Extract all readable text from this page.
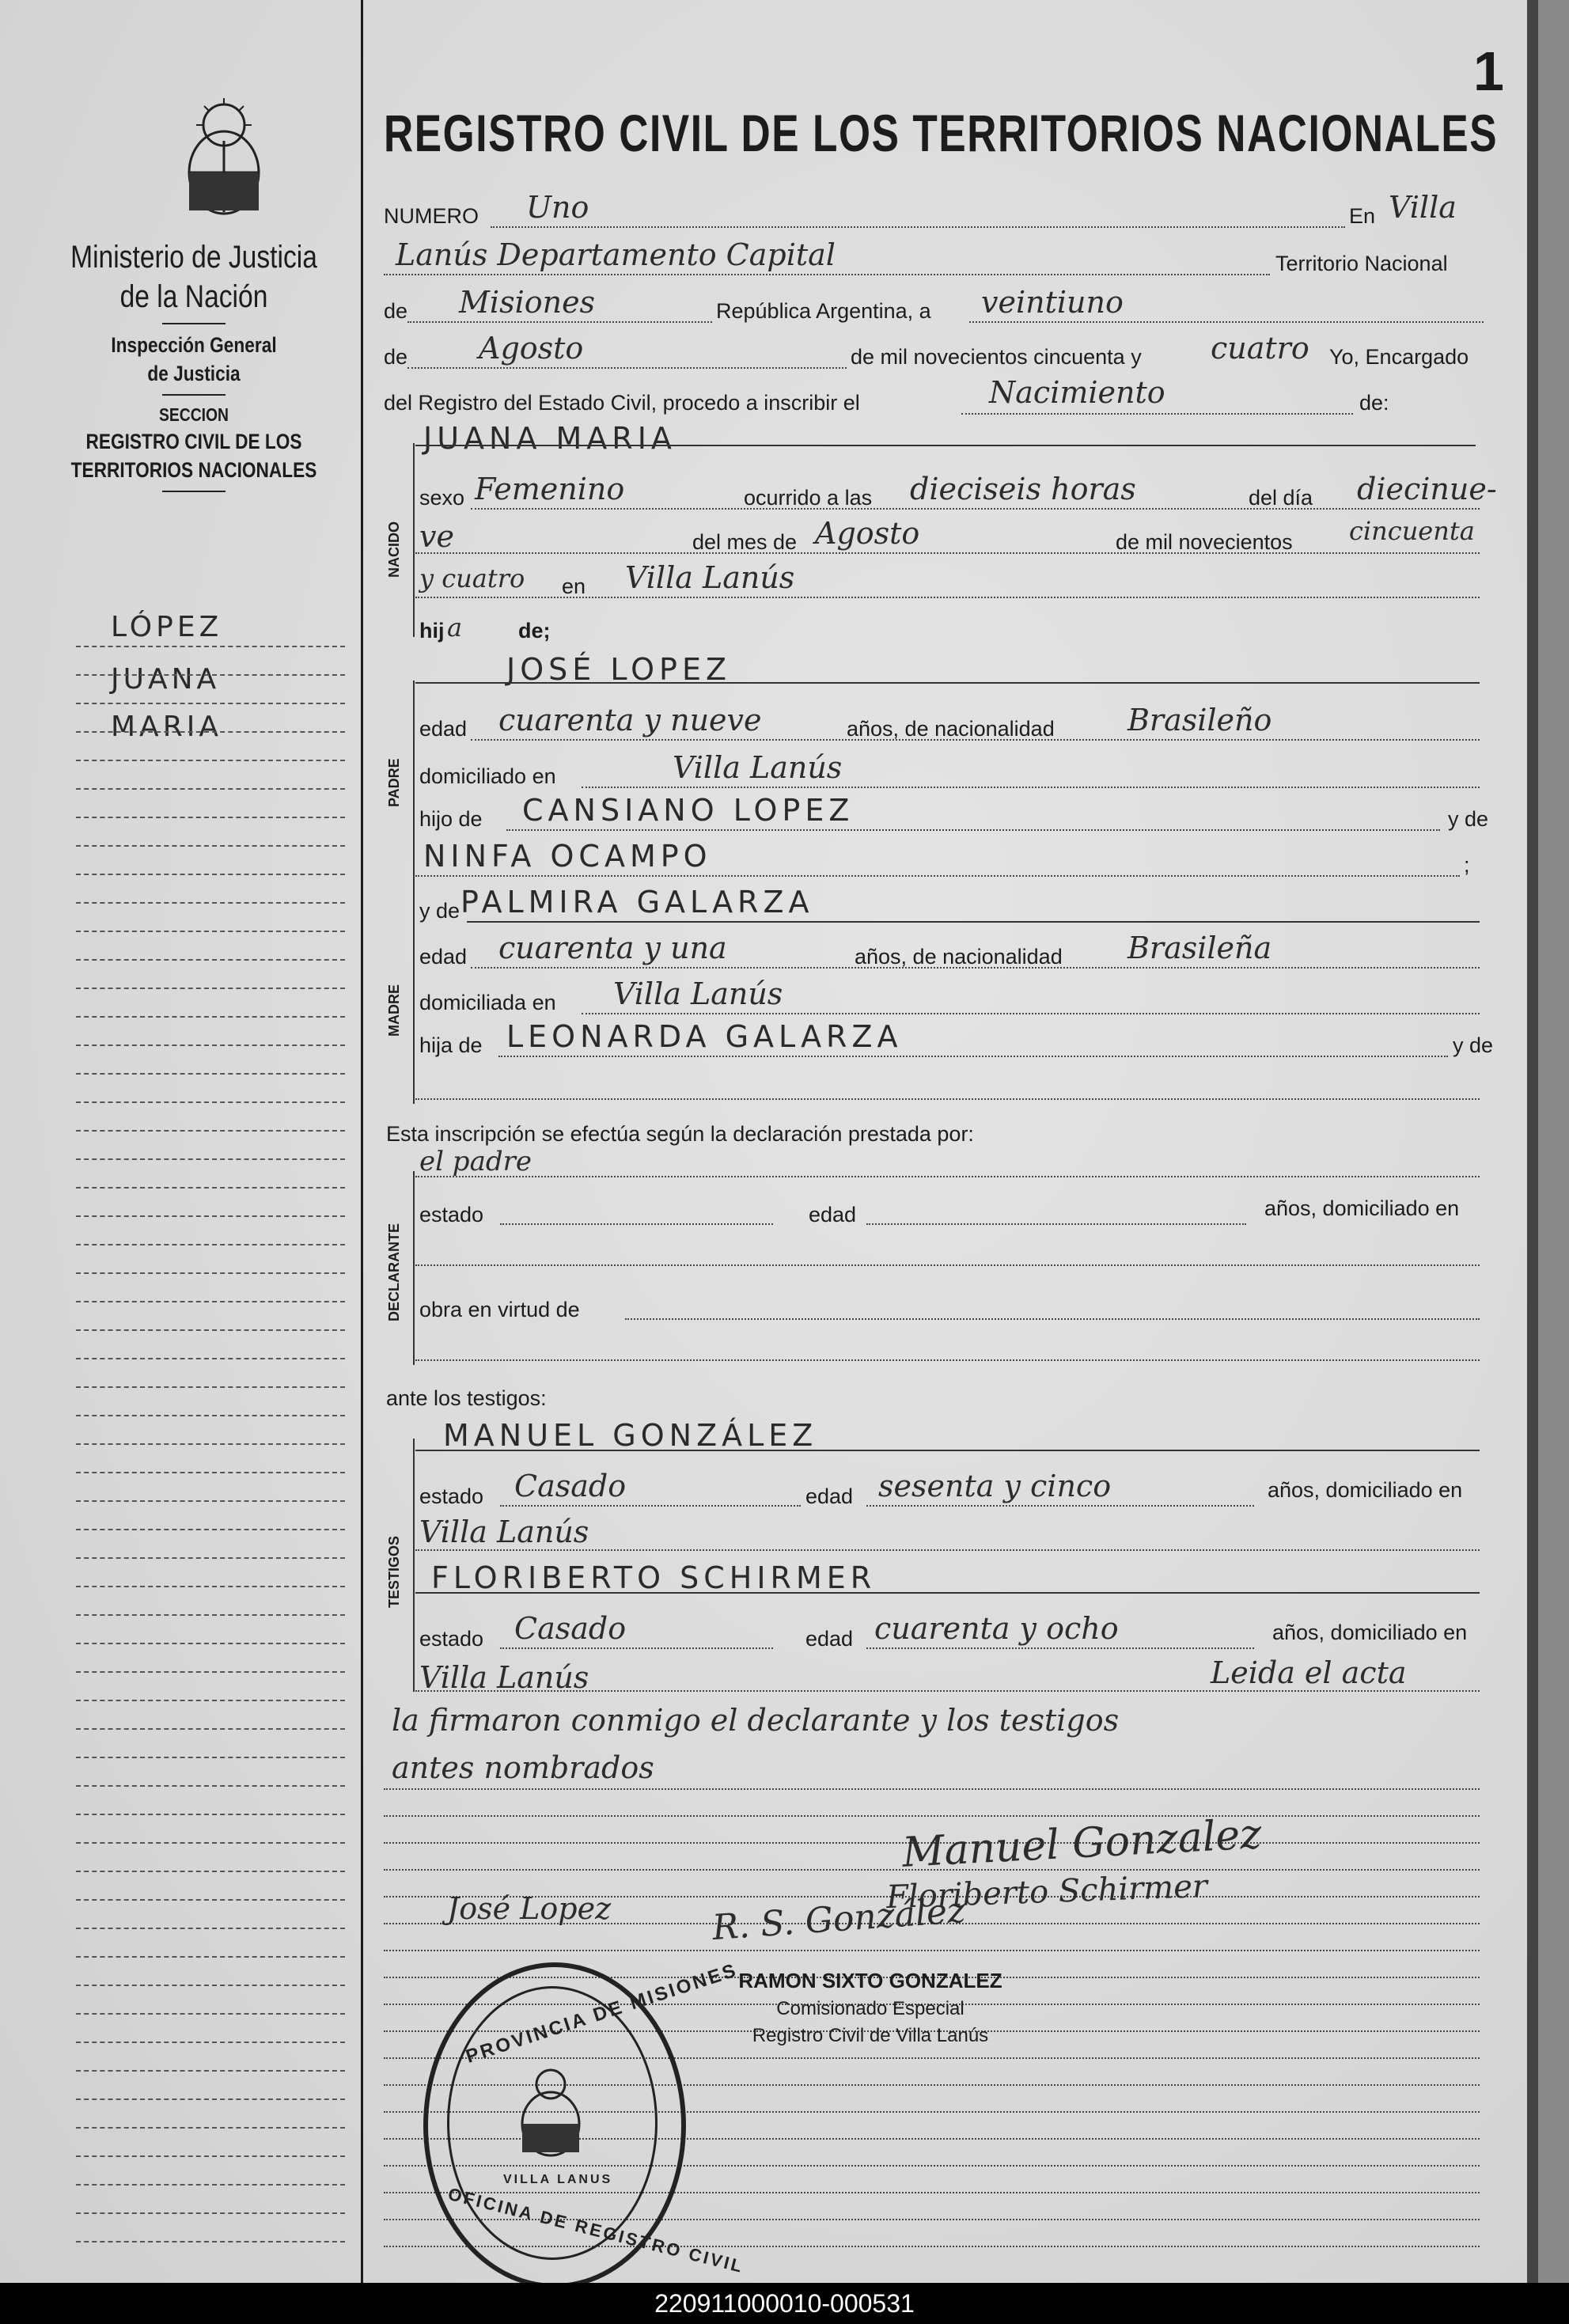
Ministerio de Justicia
de la Nación
Inspección General
de Justicia
SECCION
REGISTRO CIVIL DE LOS
TERRITORIOS NACIONALES
LÓPEZ
JUANA
MARIA
1
REGISTRO CIVIL DE LOS TERRITORIOS NACIONALES
NUMERO Uno	En Villa
Lanús Departamento Capital	Territorio Nacional
de Misiones	República Argentina, a veintiuno
de Agosto	de mil novecientos cincuenta y cuatro Yo, Encargado
del Registro del Estado Civil, procedo a inscribir el	Nacimiento	de:
NACIDO
JUANA MARIA
sexo Femenino	ocurrido a las dieciseis horas	del día diecinue-
ve	del mes de Agosto	de mil novecientos cincuenta
y cuatro en Villa Lanús
hij a	de;
PADRE
JOSÉ LOPEZ
edad cuarenta y nueve	años, de nacionalidad Brasileño
domiciliado en	Villa Lanús
hijo de CANSIANO LOPEZ	y de
NINFA OCAMPO	;
MADRE
y de PALMIRA GALARZA
edad cuarenta y una	años, de nacionalidad Brasileña
domiciliada en Villa Lanús
hija de LEONARDA GALARZA	y de
Esta inscripción se efectúa según la declaración prestada por:
DECLARANTE
el padre
estado	edad	años, domiciliado en
obra en virtud de
ante los testigos:
TESTIGOS
MANUEL GONZÁLEZ
estado Casado	edad sesenta y cinco	años, domiciliado en
Villa Lanús
FLORIBERTO SCHIRMER
estado Casado	edad cuarenta y ocho	años, domiciliado en
Villa Lanús	Leida el acta
la firmaron conmigo el declarante y los testigos
antes nombrados
Manuel Gonzalez
Floriberto Schirmer
José Lopez	R. S. González
RAMON SIXTO GONZALEZ
Comisionado Especial
Registro Civil de Villa Lanús
PROVINCIA DE MISIONES
OFICINA DE REGISTRO CIVIL
VILLA LANUS
220911000010-000531
